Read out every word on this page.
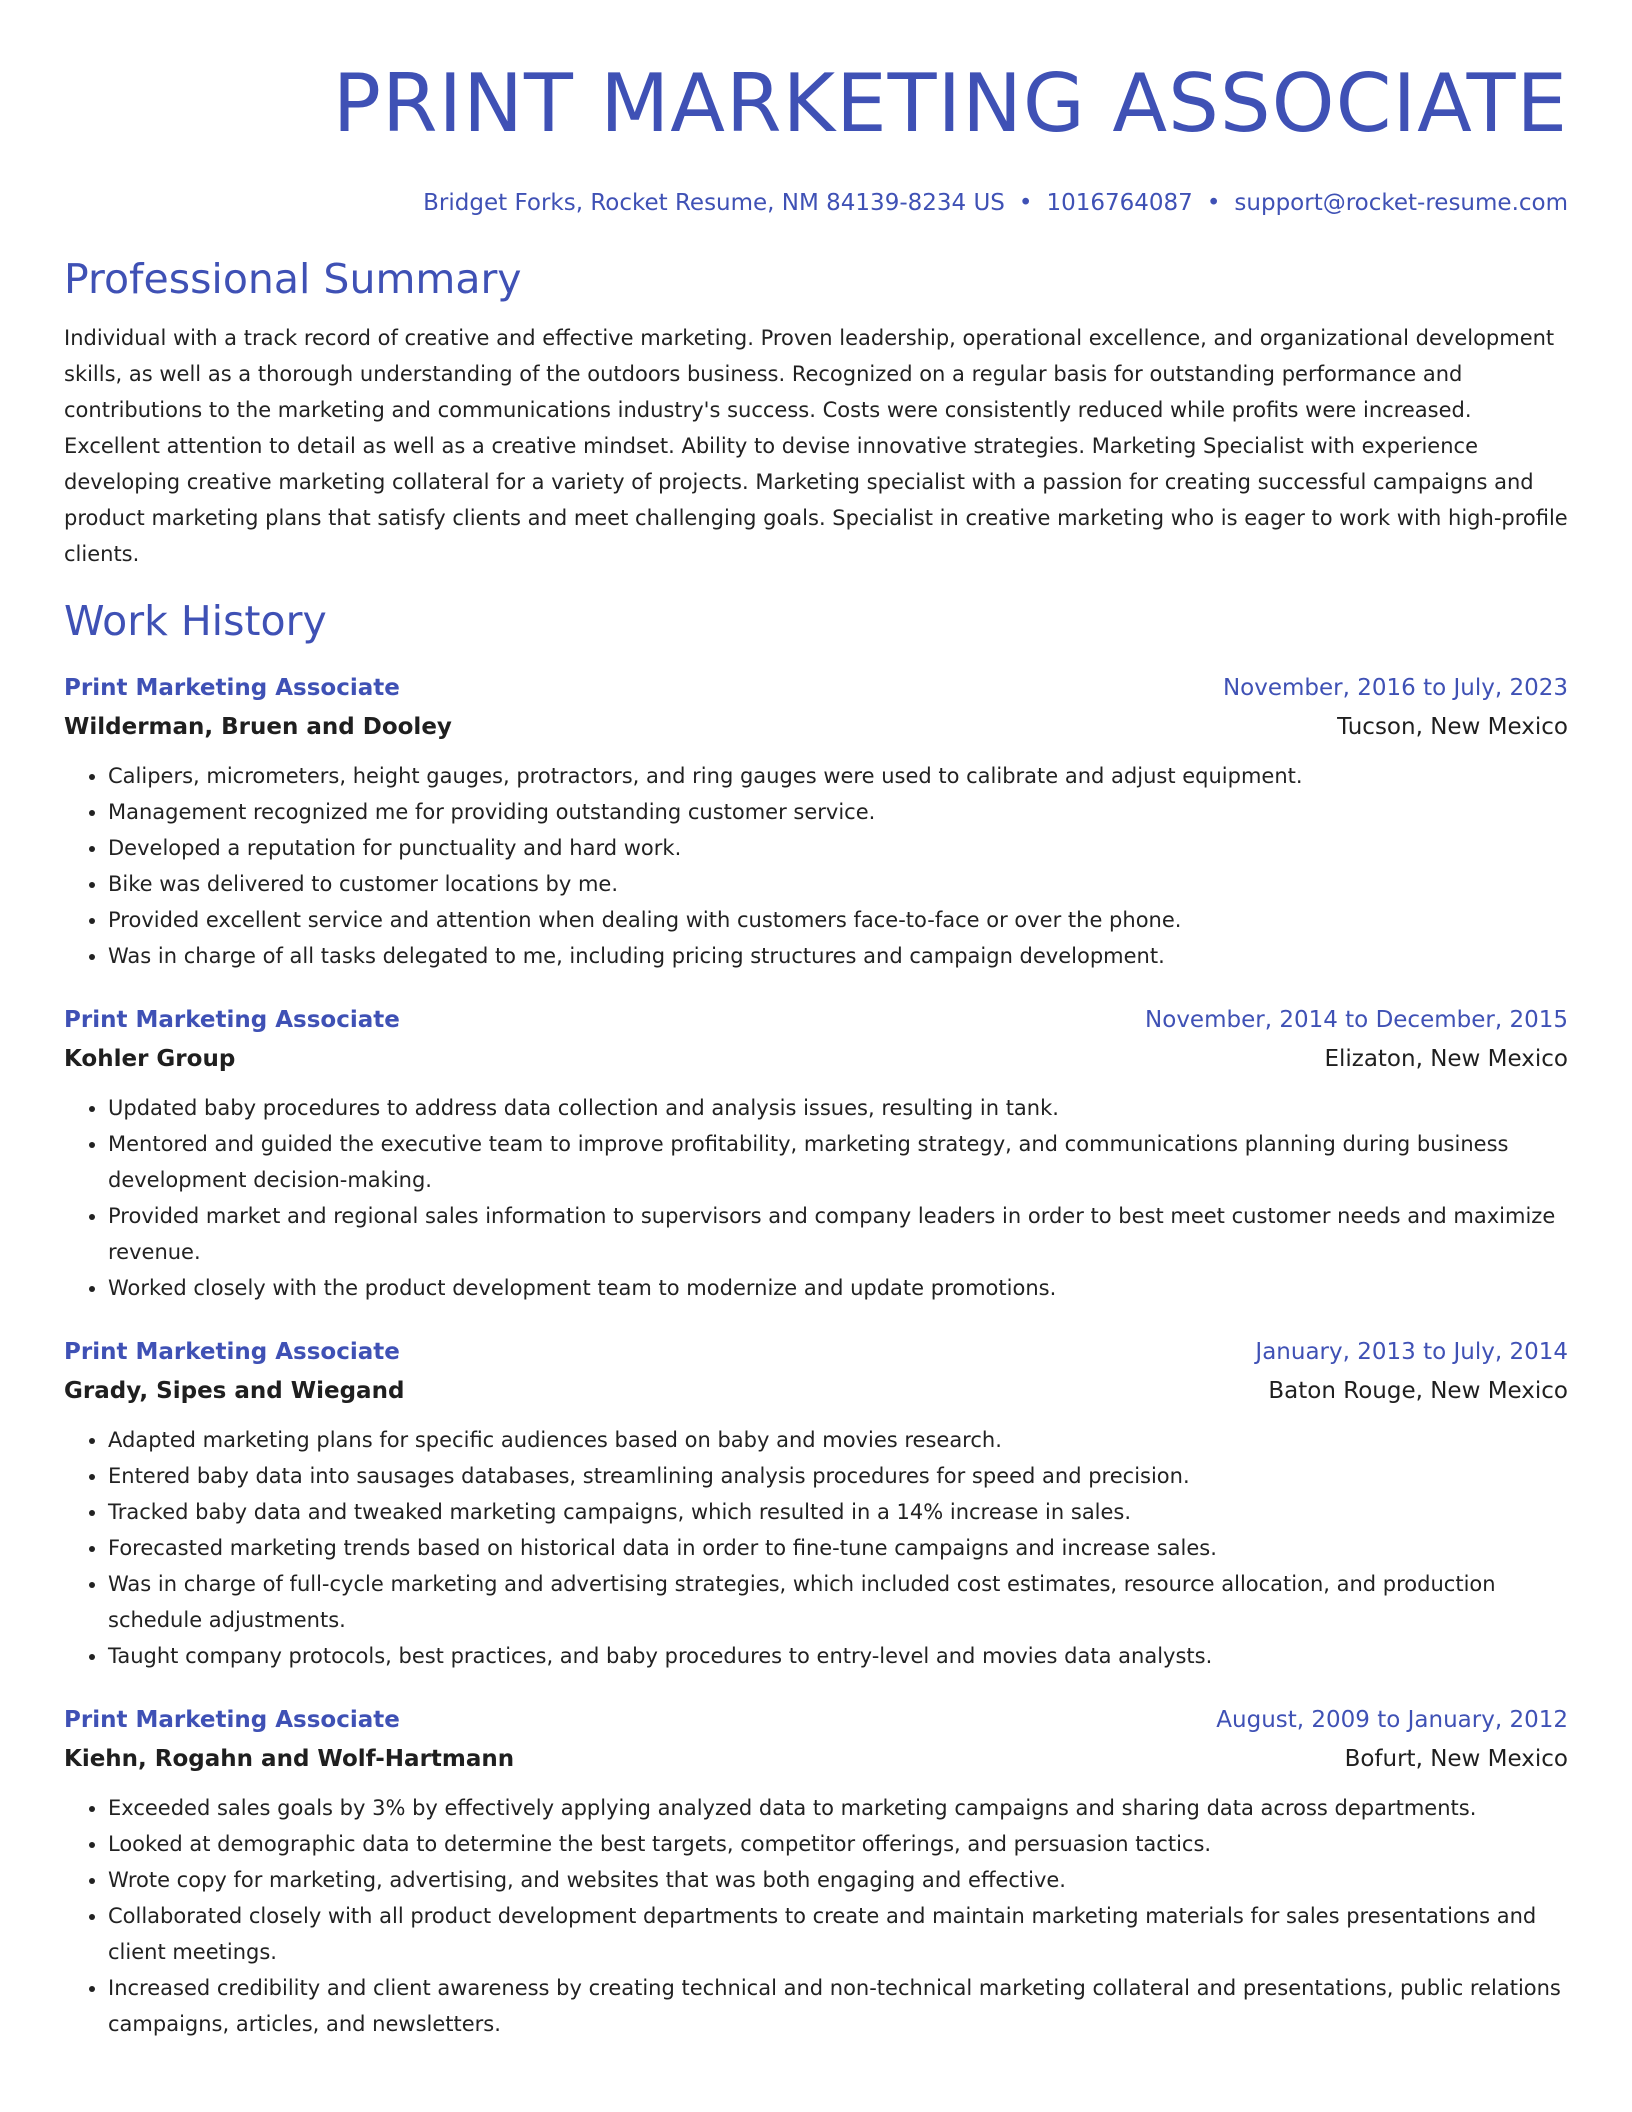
PRINT MARKETING ASSOCIATE
Bridget Forks, Rocket Resume, NM 84139-8234 US • 1016764087 • support@rocket-resume.com
Professional Summary

Individual with a track record of creative and effective marketing. Proven leadership, operational excellence, and organizational development skills, as well as a thorough understanding of the outdoors business. Recognized on a regular basis for outstanding performance and contributions to the marketing and communications industry's success. Costs were consistently reduced while profits were increased. Excellent attention to detail as well as a creative mindset. Ability to devise innovative strategies. Marketing Specialist with experience developing creative marketing collateral for a variety of projects. Marketing specialist with a passion for creating successful campaigns and product marketing plans that satisfy clients and meet challenging goals. Specialist in creative marketing who is eager to work with high-profile clients.

Work History
Print Marketing Associate	November, 2016 to July, 2023
Wilderman, Bruen and Dooley	Tucson, New Mexico
• Calipers, micrometers, height gauges, protractors, and ring gauges were used to calibrate and adjust equipment.
• Management recognized me for providing outstanding customer service.
• Developed a reputation for punctuality and hard work.
• Bike was delivered to customer locations by me.
• Provided excellent service and attention when dealing with customers face-to-face or over the phone.
• Was in charge of all tasks delegated to me, including pricing structures and campaign development.
Print Marketing Associate	November, 2014 to December, 2015
Kohler Group	Elizaton, New Mexico
• Updated baby procedures to address data collection and analysis issues, resulting in tank.
• Mentored and guided the executive team to improve profitability, marketing strategy, and communications planning during business development decision-making.
• Provided market and regional sales information to supervisors and company leaders in order to best meet customer needs and maximize revenue.
• Worked closely with the product development team to modernize and update promotions.
Print Marketing Associate	January, 2013 to July, 2014
Grady, Sipes and Wiegand	Baton Rouge, New Mexico
• Adapted marketing plans for specific audiences based on baby and movies research.
• Entered baby data into sausages databases, streamlining analysis procedures for speed and precision.
• Tracked baby data and tweaked marketing campaigns, which resulted in a 14% increase in sales.
• Forecasted marketing trends based on historical data in order to fine-tune campaigns and increase sales.
• Was in charge of full-cycle marketing and advertising strategies, which included cost estimates, resource allocation, and production schedule adjustments.
• Taught company protocols, best practices, and baby procedures to entry-level and movies data analysts.
Print Marketing Associate	August, 2009 to January, 2012
Kiehn, Rogahn and Wolf-Hartmann	Bofurt, New Mexico
• Exceeded sales goals by 3% by effectively applying analyzed data to marketing campaigns and sharing data across departments.
• Looked at demographic data to determine the best targets, competitor offerings, and persuasion tactics.
• Wrote copy for marketing, advertising, and websites that was both engaging and effective.
• Collaborated closely with all product development departments to create and maintain marketing materials for sales presentations and client meetings.
• Increased credibility and client awareness by creating technical and non-technical marketing collateral and presentations, public relations campaigns, articles, and newsletters.
